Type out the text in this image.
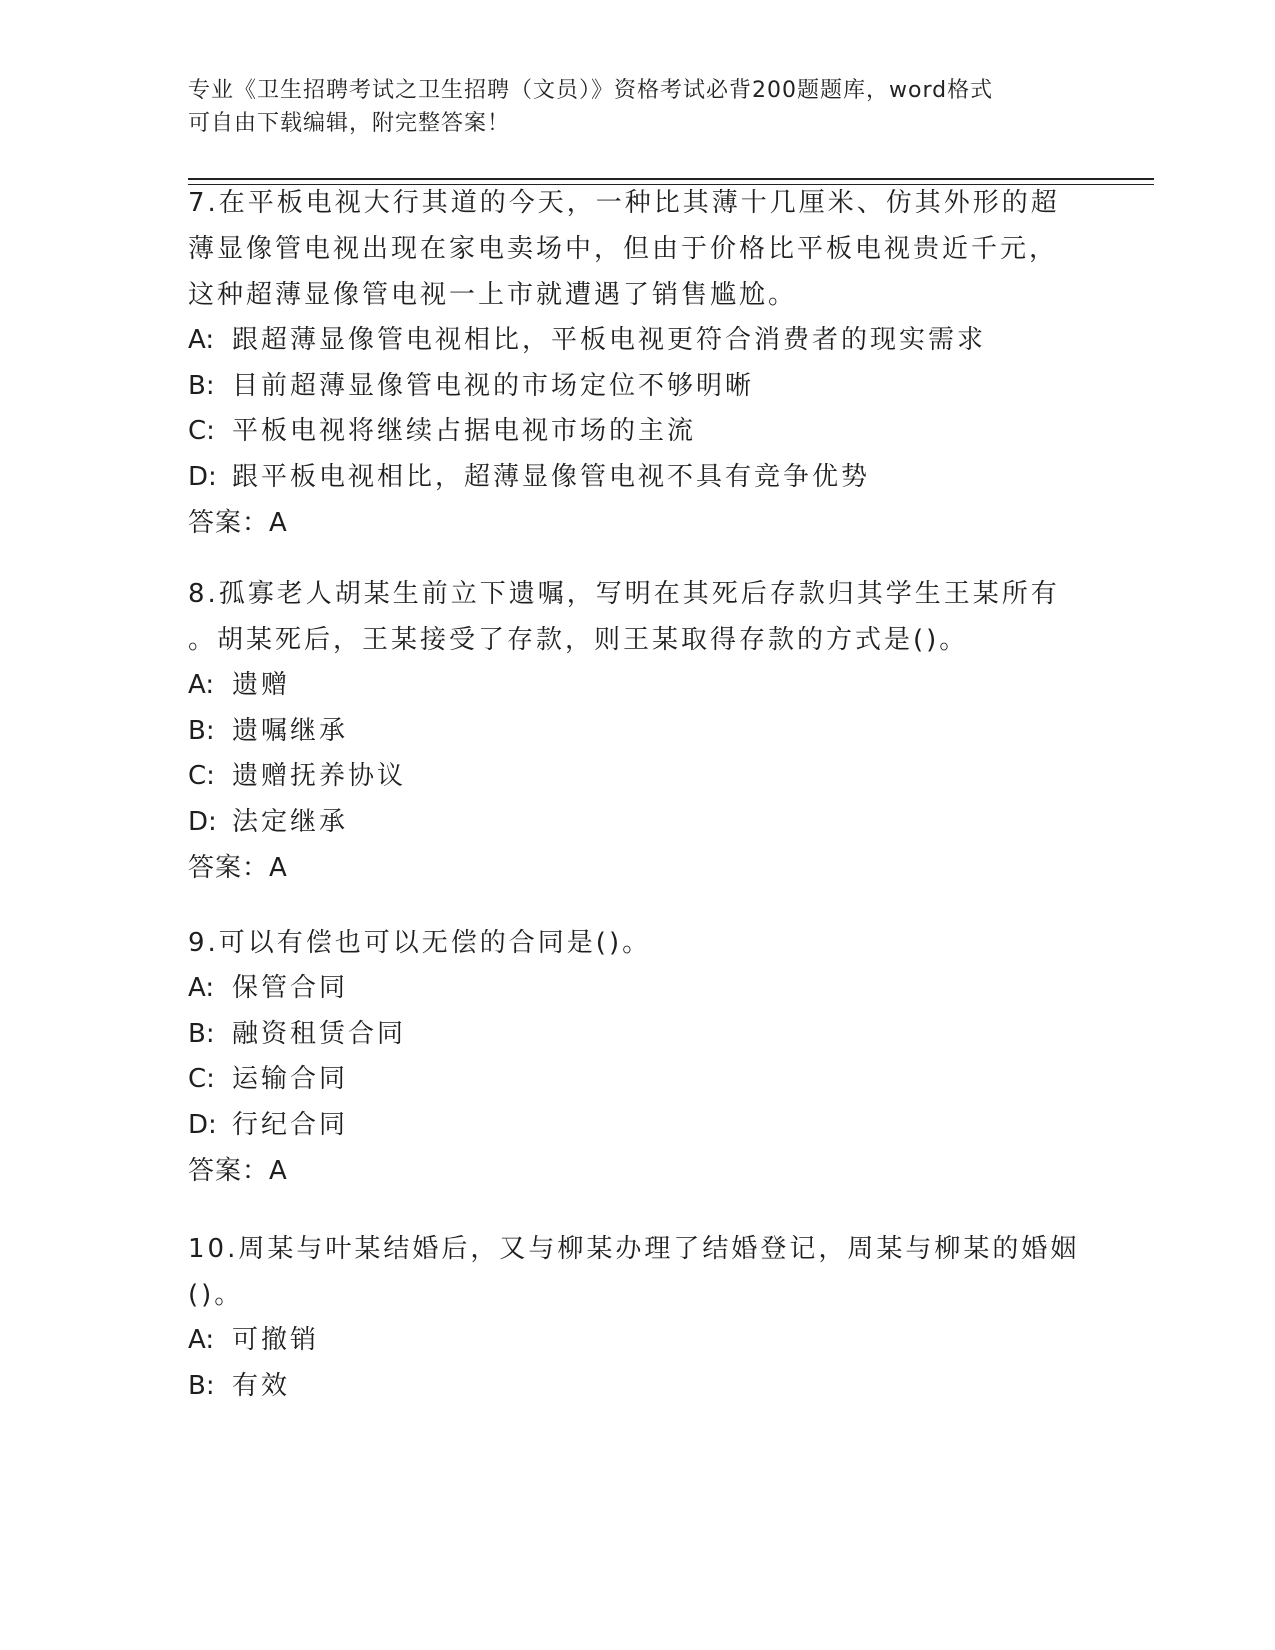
专业《卫生招聘考试之卫生招聘（文员）》资格考试必背200题题库，word格式
可自由下载编辑，附完整答案！
7.在平板电视大行其道的今天，一种比其薄十几厘米、仿其外形的超
薄显像管电视出现在家电卖场中，但由于价格比平板电视贵近千元，
这种超薄显像管电视一上市就遭遇了销售尴尬。
A: 跟超薄显像管电视相比，平板电视更符合消费者的现实需求
B: 目前超薄显像管电视的市场定位不够明晰
C: 平板电视将继续占据电视市场的主流
D: 跟平板电视相比，超薄显像管电视不具有竞争优势
答案：A
8.孤寡老人胡某生前立下遗嘱，写明在其死后存款归其学生王某所有
。胡某死后，王某接受了存款，则王某取得存款的方式是()。
A: 遗赠
B: 遗嘱继承
C: 遗赠抚养协议
D: 法定继承
答案：A
9.可以有偿也可以无偿的合同是()。
A: 保管合同
B: 融资租赁合同
C: 运输合同
D: 行纪合同
答案：A
10.周某与叶某结婚后，又与柳某办理了结婚登记，周某与柳某的婚姻
()。
A: 可撤销
B: 有效
